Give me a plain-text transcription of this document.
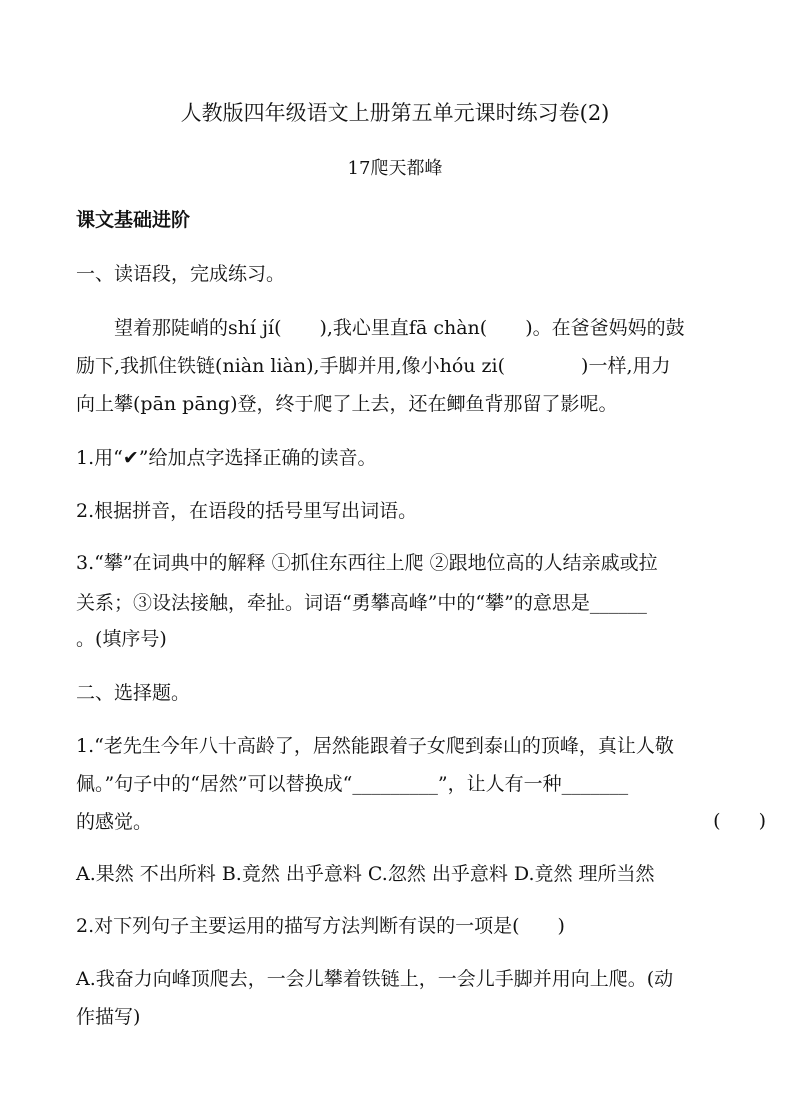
人教版四年级语文上册第五单元课时练习卷(2)
17爬天都峰
课文基础进阶
一、读语段，完成练习。
　　望着那陡峭的shí jí(　　),我心里直fā chàn(　　)。在爸爸妈妈的鼓
励下,我抓住铁链(niàn liàn),手脚并用,像小hóu zi(　　　　)一样,用力
向上攀(pān pāng)登，终于爬了上去，还在鲫鱼背那留了影呢。
1.用“✔”给加点字选择正确的读音。
2.根据拼音，在语段的括号里写出词语。
3.“攀”在词典中的解释 ①抓住东西往上爬 ②跟地位高的人结亲戚或拉
关系；③设法接触，牵扯。词语“勇攀高峰”中的“攀”的意思是______
。(填序号)
二、选择题。
1.“老先生今年八十高龄了，居然能跟着子女爬到泰山的顶峰，真让人敬
佩。”句子中的“居然”可以替换成“_________”，让人有一种_______
的感觉。	(　　)
A.果然 不出所料 B.竟然 出乎意料 C.忽然 出乎意料 D.竟然 理所当然
2.对下列句子主要运用的描写方法判断有误的一项是(　　)
A.我奋力向峰顶爬去，一会儿攀着铁链上，一会儿手脚并用向上爬。(动
作描写)
